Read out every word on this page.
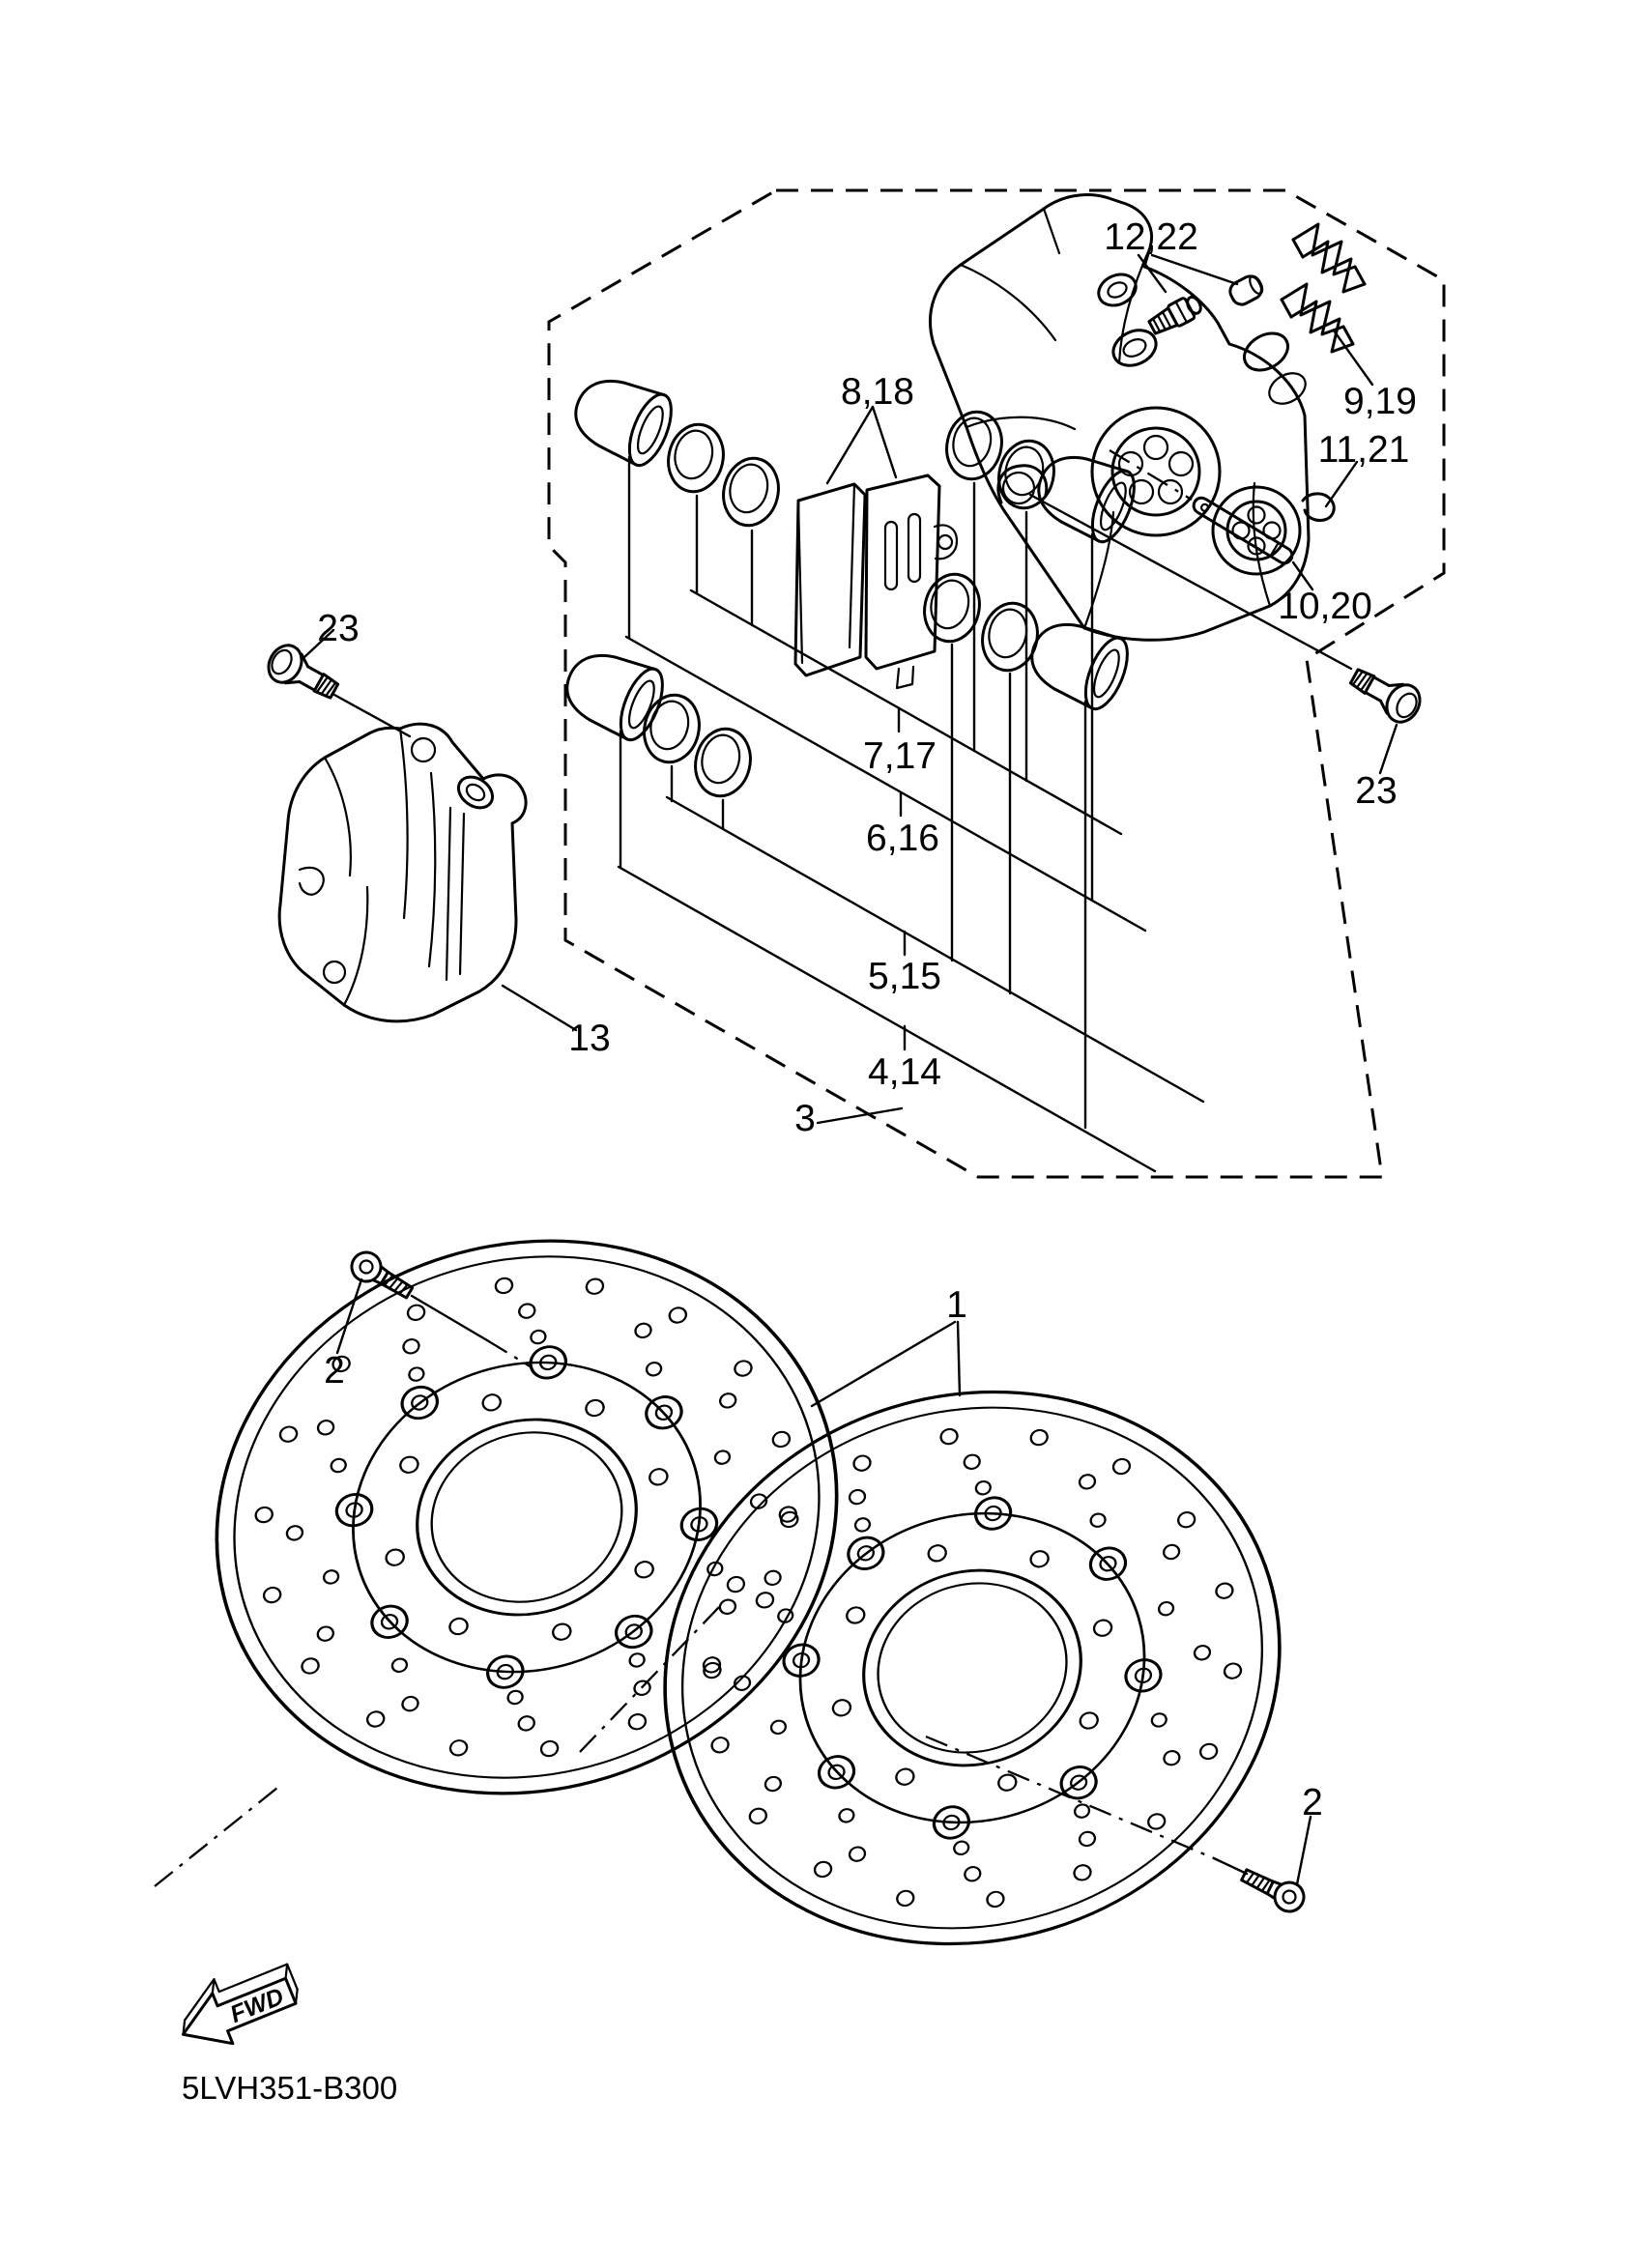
12,22
8,18	9,19
11,21
10,20
23
23
7,17
6,16
5,15
4,14
13
3
1
2
2
FWD
5LVH351-B300
